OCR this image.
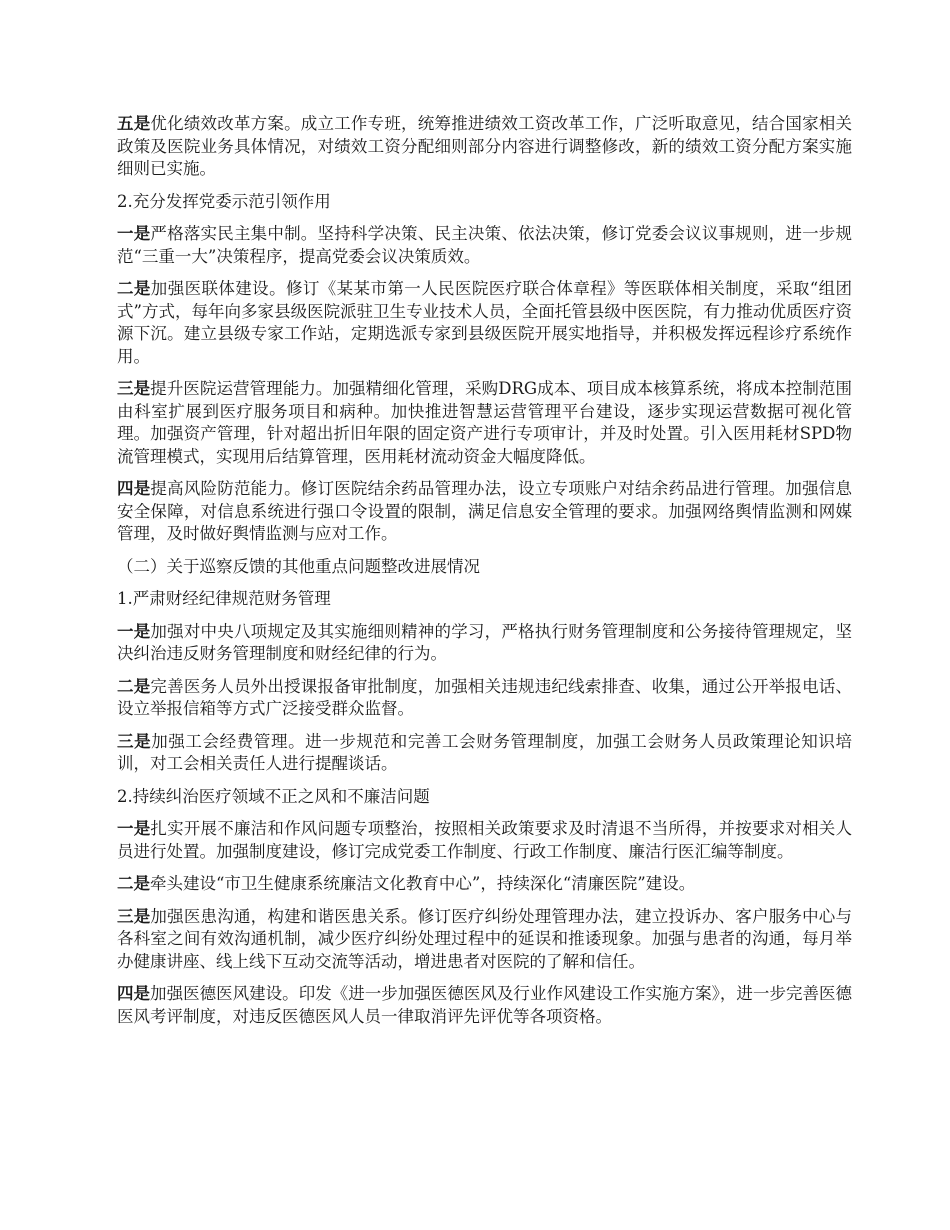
五是优化绩效改革方案。成立工作专班，统筹推进绩效工资改革工作，广泛听取意见，结合国家相关政策及医院业务具体情况，对绩效工资分配细则部分内容进行调整修改，新的绩效工资分配方案实施细则已实施。

2.充分发挥党委示范引领作用

一是严格落实民主集中制。坚持科学决策、民主决策、依法决策，修订党委会议议事规则，进一步规范“三重一大”决策程序，提高党委会议决策质效。

二是加强医联体建设。修订《某某市第一人民医院医疗联合体章程》等医联体相关制度，采取“组团式”方式，每年向多家县级医院派驻卫生专业技术人员，全面托管县级中医医院，有力推动优质医疗资源下沉。建立县级专家工作站，定期选派专家到县级医院开展实地指导，并积极发挥远程诊疗系统作用。

三是提升医院运营管理能力。加强精细化管理，采购DRG成本、项目成本核算系统，将成本控制范围由科室扩展到医疗服务项目和病种。加快推进智慧运营管理平台建设，逐步实现运营数据可视化管理。加强资产管理，针对超出折旧年限的固定资产进行专项审计，并及时处置。引入医用耗材SPD物流管理模式，实现用后结算管理，医用耗材流动资金大幅度降低。

四是提高风险防范能力。修订医院结余药品管理办法，设立专项账户对结余药品进行管理。加强信息安全保障，对信息系统进行强口令设置的限制，满足信息安全管理的要求。加强网络舆情监测和网媒管理，及时做好舆情监测与应对工作。

（二）关于巡察反馈的其他重点问题整改进展情况

1.严肃财经纪律规范财务管理

一是加强对中央八项规定及其实施细则精神的学习，严格执行财务管理制度和公务接待管理规定，坚决纠治违反财务管理制度和财经纪律的行为。

二是完善医务人员外出授课报备审批制度，加强相关违规违纪线索排查、收集，通过公开举报电话、设立举报信箱等方式广泛接受群众监督。

三是加强工会经费管理。进一步规范和完善工会财务管理制度，加强工会财务人员政策理论知识培训，对工会相关责任人进行提醒谈话。

2.持续纠治医疗领域不正之风和不廉洁问题

一是扎实开展不廉洁和作风问题专项整治，按照相关政策要求及时清退不当所得，并按要求对相关人员进行处置。加强制度建设，修订完成党委工作制度、行政工作制度、廉洁行医汇编等制度。

二是牵头建设“市卫生健康系统廉洁文化教育中心”，持续深化“清廉医院”建设。

三是加强医患沟通，构建和谐医患关系。修订医疗纠纷处理管理办法，建立投诉办、客户服务中心与各科室之间有效沟通机制，减少医疗纠纷处理过程中的延误和推诿现象。加强与患者的沟通，每月举办健康讲座、线上线下互动交流等活动，增进患者对医院的了解和信任。

四是加强医德医风建设。印发《进一步加强医德医风及行业作风建设工作实施方案》，进一步完善医德医风考评制度，对违反医德医风人员一律取消评先评优等各项资格。
